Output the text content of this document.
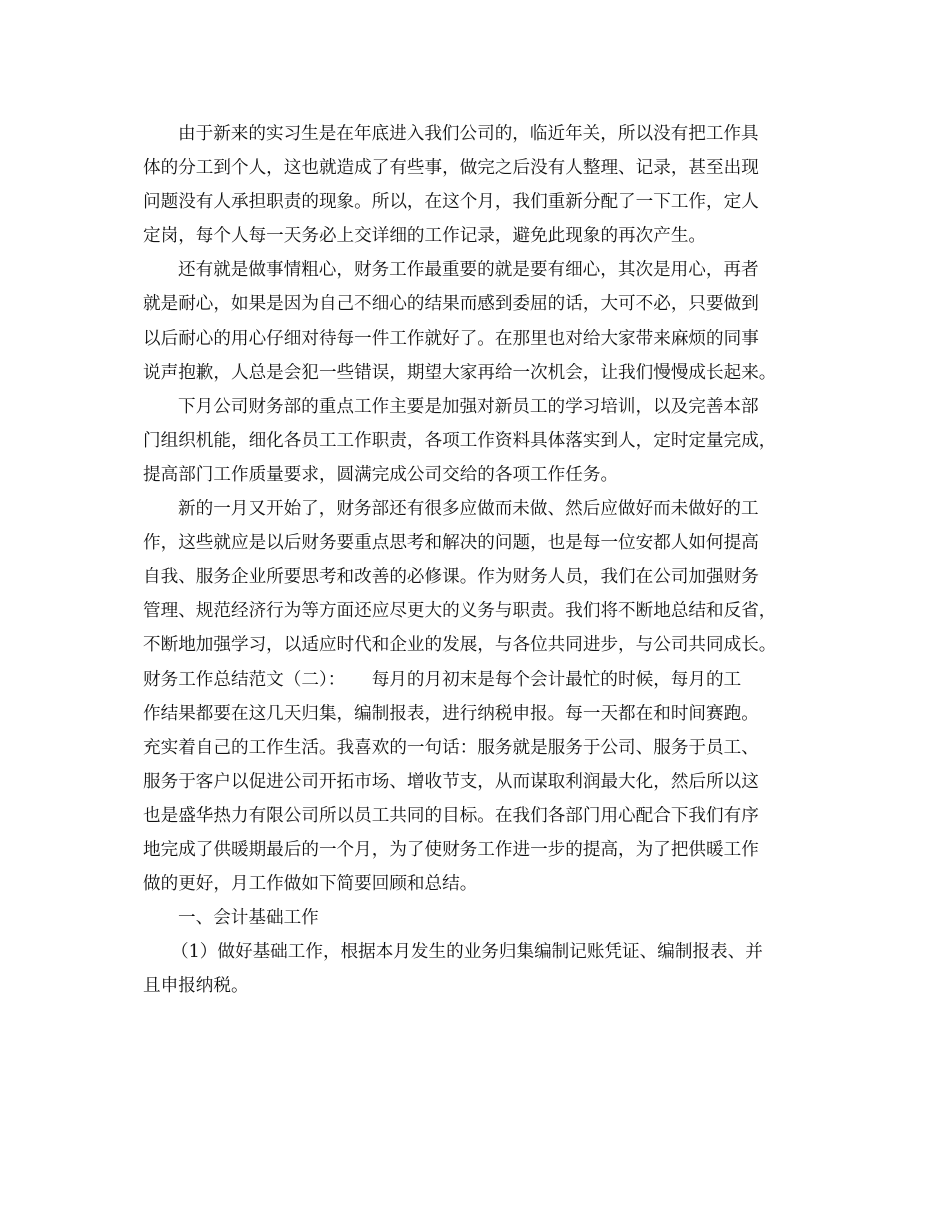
由于新来的实习生是在年底进入我们公司的，临近年关，所以没有把工作具
体的分工到个人，这也就造成了有些事，做完之后没有人整理、记录，甚至出现
问题没有人承担职责的现象。所以，在这个月，我们重新分配了一下工作，定人
定岗，每个人每一天务必上交详细的工作记录，避免此现象的再次产生。
还有就是做事情粗心，财务工作最重要的就是要有细心，其次是用心，再者
就是耐心，如果是因为自己不细心的结果而感到委屈的话，大可不必，只要做到
以后耐心的用心仔细对待每一件工作就好了。在那里也对给大家带来麻烦的同事
说声抱歉，人总是会犯一些错误，期望大家再给一次机会，让我们慢慢成长起来。
下月公司财务部的重点工作主要是加强对新员工的学习培训，以及完善本部
门组织机能，细化各员工工作职责，各项工作资料具体落实到人，定时定量完成，
提高部门工作质量要求，圆满完成公司交给的各项工作任务。
新的一月又开始了，财务部还有很多应做而未做、然后应做好而未做好的工
作，这些就应是以后财务要重点思考和解决的问题，也是每一位安都人如何提高
自我、服务企业所要思考和改善的必修课。作为财务人员，我们在公司加强财务
管理、规范经济行为等方面还应尽更大的义务与职责。我们将不断地总结和反省，
不断地加强学习，以适应时代和企业的发展，与各位共同进步，与公司共同成长。
财务工作总结范文（二）：　　每月的月初末是每个会计最忙的时候，每月的工
作结果都要在这几天归集，编制报表，进行纳税申报。每一天都在和时间赛跑。
充实着自己的工作生活。我喜欢的一句话：服务就是服务于公司、服务于员工、
服务于客户以促进公司开拓市场、增收节支，从而谋取利润最大化，然后所以这
也是盛华热力有限公司所以员工共同的目标。在我们各部门用心配合下我们有序
地完成了供暖期最后的一个月，为了使财务工作进一步的提高，为了把供暖工作
做的更好，月工作做如下简要回顾和总结。
一、会计基础工作
（1）做好基础工作，根据本月发生的业务归集编制记账凭证、编制报表、并
且申报纳税。
